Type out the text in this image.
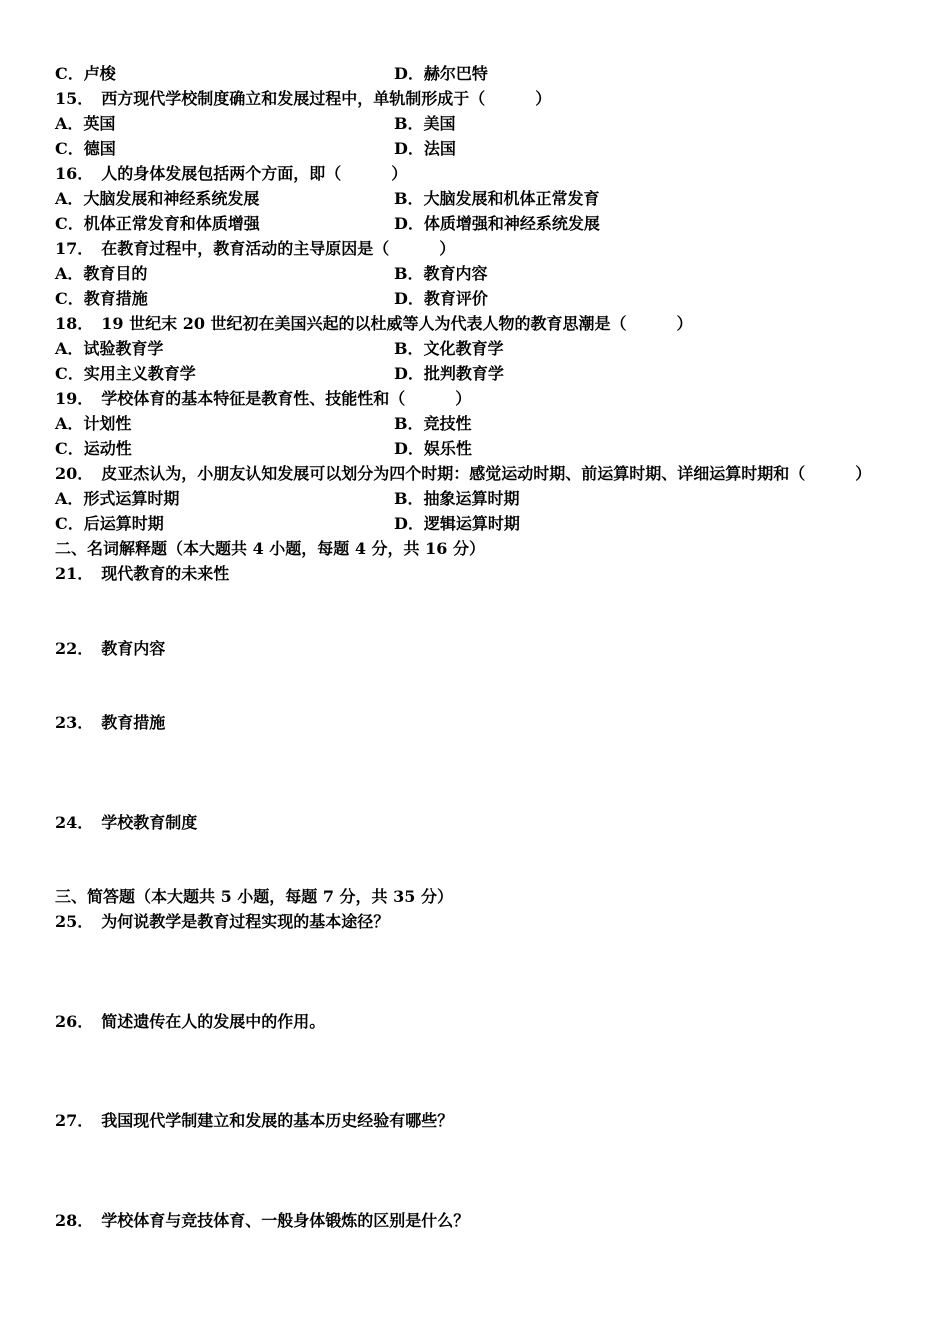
C．卢梭	D．赫尔巴特
15． 西方现代学校制度确立和发展过程中，单轨制形成于（	）
A．英国	B．美国
C．德国	D．法国
16． 人的身体发展包括两个方面，即（	）
A．大脑发展和神经系统发展	B．大脑发展和机体正常发育
C．机体正常发育和体质增强	D．体质增强和神经系统发展
17． 在教育过程中，教育活动的主导原因是（	）
A．教育目的	B．教育内容
C．教育措施	D．教育评价
18． 19 世纪末 20 世纪初在美国兴起的以杜威等人为代表人物的教育思潮是（	）
A．试验教育学	B．文化教育学
C．实用主义教育学	D．批判教育学
19． 学校体育的基本特征是教育性、技能性和（	）
A．计划性	B．竞技性
C．运动性	D．娱乐性
20． 皮亚杰认为，小朋友认知发展可以划分为四个时期：感觉运动时期、前运算时期、详细运算时期和（	）
A．形式运算时期	B．抽象运算时期
C．后运算时期	D．逻辑运算时期
二、名词解释题（本大题共 4 小题，每题 4 分，共 16 分）
21． 现代教育的未来性
22． 教育内容
23． 教育措施
24． 学校教育制度
三、简答题（本大题共 5 小题，每题 7 分，共 35 分）
25． 为何说教学是教育过程实现的基本途径？
26． 简述遗传在人的发展中的作用。
27． 我国现代学制建立和发展的基本历史经验有哪些？
28． 学校体育与竞技体育、一般身体锻炼的区别是什么？
